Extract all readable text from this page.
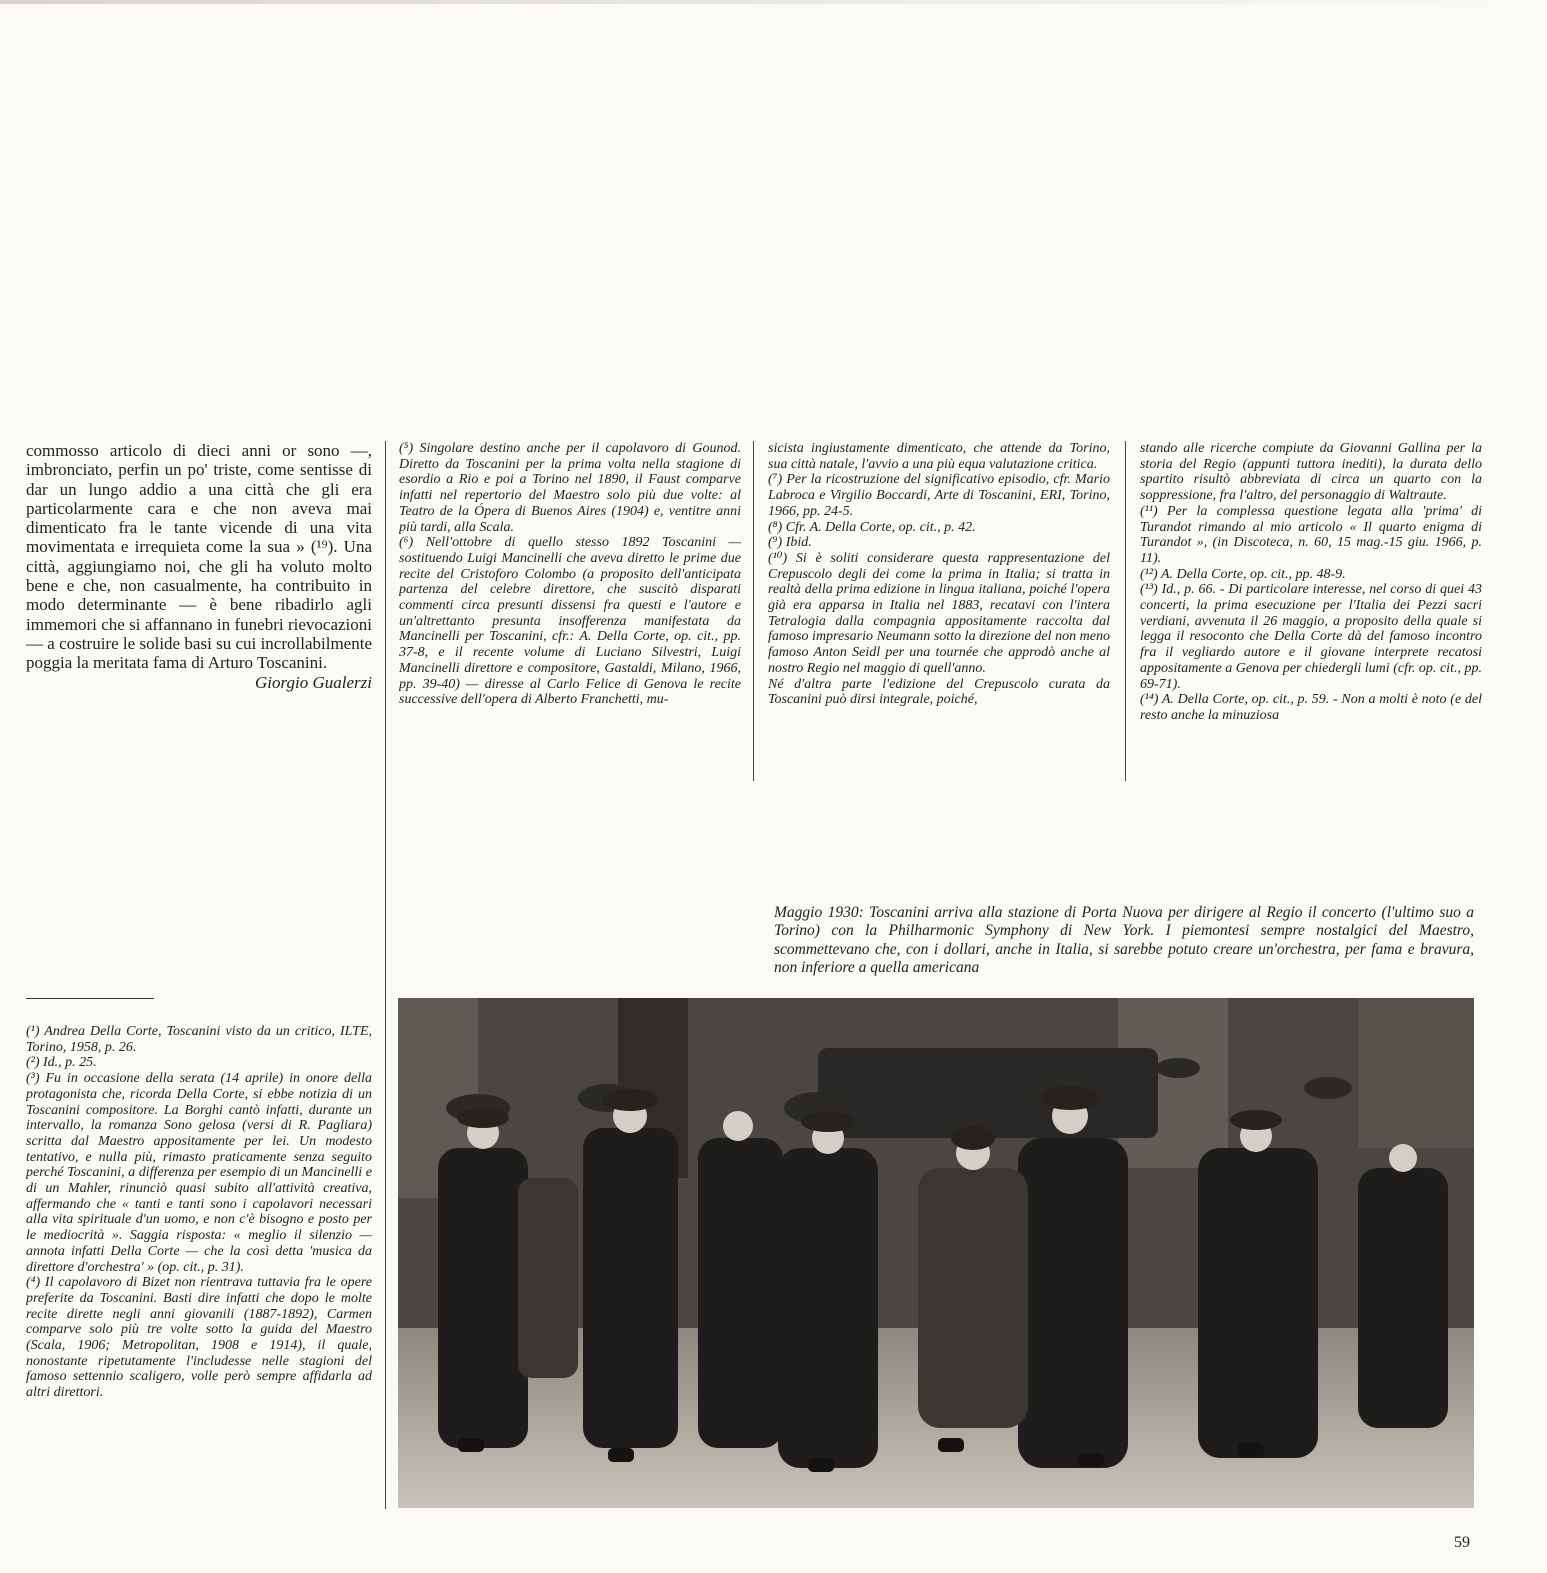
commosso articolo di dieci anni or sono —, imbronciato, perfin un po' triste, come sentisse di dar un lungo addio a una città che gli era particolarmente cara e che non aveva mai dimenticato fra le tante vicende di una vita movimentata e irrequieta come la sua » (¹⁹). Una città, aggiungiamo noi, che gli ha voluto molto bene e che, non casualmente, ha contribuito in modo determinante — è bene ribadirlo agli immemori che si affannano in funebri rievocazioni — a costruire le solide basi su cui incrollabilmente poggia la meritata fama di Arturo Toscanini.

Giorgio Gualerzi

(⁵) Singolare destino anche per il capolavoro di Gounod. Diretto da Toscanini per la prima volta nella stagione di esordio a Rio e poi a Torino nel 1890, il Faust comparve infatti nel repertorio del Maestro solo più due volte: al Teatro de la Ópera di Buenos Aires (1904) e, ventitre anni più tardi, alla Scala.

(⁶) Nell'ottobre di quello stesso 1892 Toscanini — sostituendo Luigi Mancinelli che aveva diretto le prime due recite del Cristoforo Colombo (a proposito dell'anticipata partenza del celebre direttore, che suscitò disparati commenti circa presunti dissensi fra questi e l'autore e un'altrettanto presunta insofferenza manifestata da Mancinelli per Toscanini, cfr.: A. Della Corte, op. cit., pp. 37-8, e il recente volume di Luciano Silvestri, Luigi Mancinelli direttore e compositore, Gastaldi, Milano, 1966, pp. 39-40) — diresse al Carlo Felice di Genova le recite successive dell'opera di Alberto Franchetti, mu-

sicista ingiustamente dimenticato, che attende da Torino, sua città natale, l'avvio a una più equa valutazione critica.

(⁷) Per la ricostruzione del significativo episodio, cfr. Mario Labroca e Virgilio Boccardi, Arte di Toscanini, ERI, Torino, 1966, pp. 24-5.

(⁸) Cfr. A. Della Corte, op. cit., p. 42.

(⁹) Ibid.

(¹⁰) Si è soliti considerare questa rappresentazione del Crepuscolo degli dei come la prima in Italia; si tratta in realtà della prima edizione in lingua italiana, poiché l'opera già era apparsa in Italia nel 1883, recatavi con l'intera Tetralogia dalla compagnia appositamente raccolta dal famoso impresario Neumann sotto la direzione del non meno famoso Anton Seidl per una tournée che approdò anche al nostro Regio nel maggio di quell'anno.

Né d'altra parte l'edizione del Crepuscolo curata da Toscanini può dirsi integrale, poiché,

stando alle ricerche compiute da Giovanni Gallina per la storia del Regio (appunti tuttora inediti), la durata dello spartito risultò abbreviata di circa un quarto con la soppressione, fra l'altro, del personaggio di Waltraute.

(¹¹) Per la complessa questione legata alla 'prima' di Turandot rimando al mio articolo « Il quarto enigma di Turandot », (in Discoteca, n. 60, 15 mag.-15 giu. 1966, p. 11).

(¹²) A. Della Corte, op. cit., pp. 48-9.

(¹³) Id., p. 66. - Di particolare interesse, nel corso di quei 43 concerti, la prima esecuzione per l'Italia dei Pezzi sacri verdiani, avvenuta il 26 maggio, a proposito della quale si legga il resoconto che Della Corte dà del famoso incontro fra il vegliardo autore e il giovane interprete recatosi appositamente a Genova per chiedergli lumi (cfr. op. cit., pp. 69-71).

(¹⁴) A. Della Corte, op. cit., p. 59. - Non a molti è noto (e del resto anche la minuziosa

Maggio 1930: Toscanini arriva alla stazione di Porta Nuova per dirigere al Regio il concerto (l'ultimo suo a Torino) con la Philharmonic Symphony di New York. I piemontesi sempre nostalgici del Maestro, scommettevano che, con i dollari, anche in Italia, si sarebbe potuto creare un'orchestra, per fama e bravura, non inferiore a quella americana

(¹) Andrea Della Corte, Toscanini visto da un critico, ILTE, Torino, 1958, p. 26.

(²) Id., p. 25.

(³) Fu in occasione della serata (14 aprile) in onore della protagonista che, ricorda Della Corte, si ebbe notizia di un Toscanini compositore. La Borghi cantò infatti, durante un intervallo, la romanza Sono gelosa (versi di R. Pagliara) scritta dal Maestro appositamente per lei. Un modesto tentativo, e nulla più, rimasto praticamente senza seguito perché Toscanini, a differenza per esempio di un Mancinelli e di un Mahler, rinunciò quasi subito all'attività creativa, affermando che « tanti e tanti sono i capolavori necessari alla vita spirituale d'un uomo, e non c'è bisogno e posto per le mediocrità ». Saggia risposta: « meglio il silenzio — annota infatti Della Corte — che la così detta 'musica da direttore d'orchestra' » (op. cit., p. 31).

(⁴) Il capolavoro di Bizet non rientrava tuttavia fra le opere preferite da Toscanini. Basti dire infatti che dopo le molte recite dirette negli anni giovanili (1887-1892), Carmen comparve solo più tre volte sotto la guida del Maestro (Scala, 1906; Metropolitan, 1908 e 1914), il quale, nonostante ripetutamente l'includesse nelle stagioni del famoso settennio scaligero, volle però sempre affidarla ad altri direttori.

59
